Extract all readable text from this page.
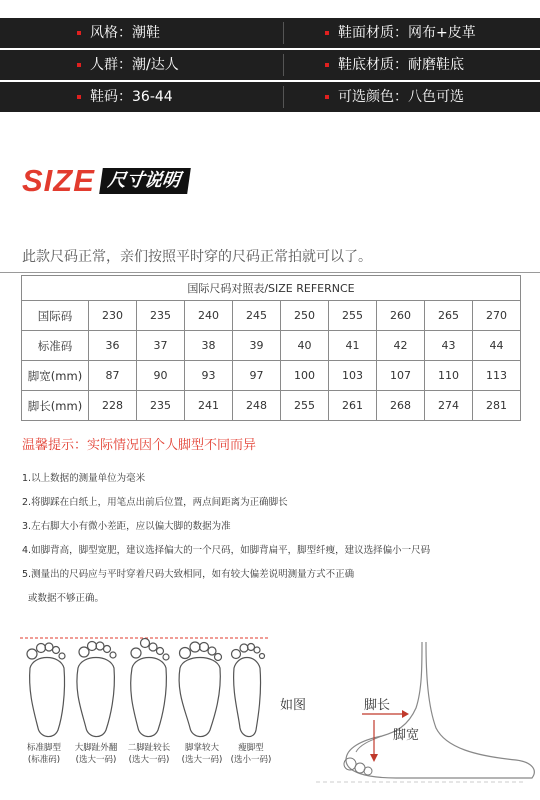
风格：潮鞋	鞋面材质：网布+皮革
人群：潮/达人	鞋底材质：耐磨鞋底
鞋码：36-44	可选颜色：八色可选
SIZE 尺寸说明
此款尺码正常，亲们按照平时穿的尺码正常拍就可以了。
国际尺码对照表/SIZE REFERNCE									
国际码	230	235	240	245	250	255	260	265	270
标准码	36	37	38	39	40	41	42	43	44
脚宽(mm)	87	90	93	97	100	103	107	110	113
脚长(mm)	228	235	241	248	255	261	268	274	281
温馨提示：实际情况因个人脚型不同而异
1.以上数据的测量单位为毫米
2.将脚踩在白纸上，用笔点出前后位置，两点间距离为正确脚长
3.左右脚大小有微小差距，应以偏大脚的数据为准
4.如脚背高，脚型宽肥，建议选择偏大的一个尺码，如脚背扁平，脚型纤瘦，建议选择偏小一尺码
5.测量出的尺码应与平时穿着尺码大致相同，如有较大偏差说明测量方式不正确
或数据不够正确。
标准脚型
(标准码)
大脚趾外翻
(选大一码)
二脚趾较长
(选大一码)
脚掌较大
(选大一码)
瘦脚型
(选小一码)
如图	脚长
脚宽
